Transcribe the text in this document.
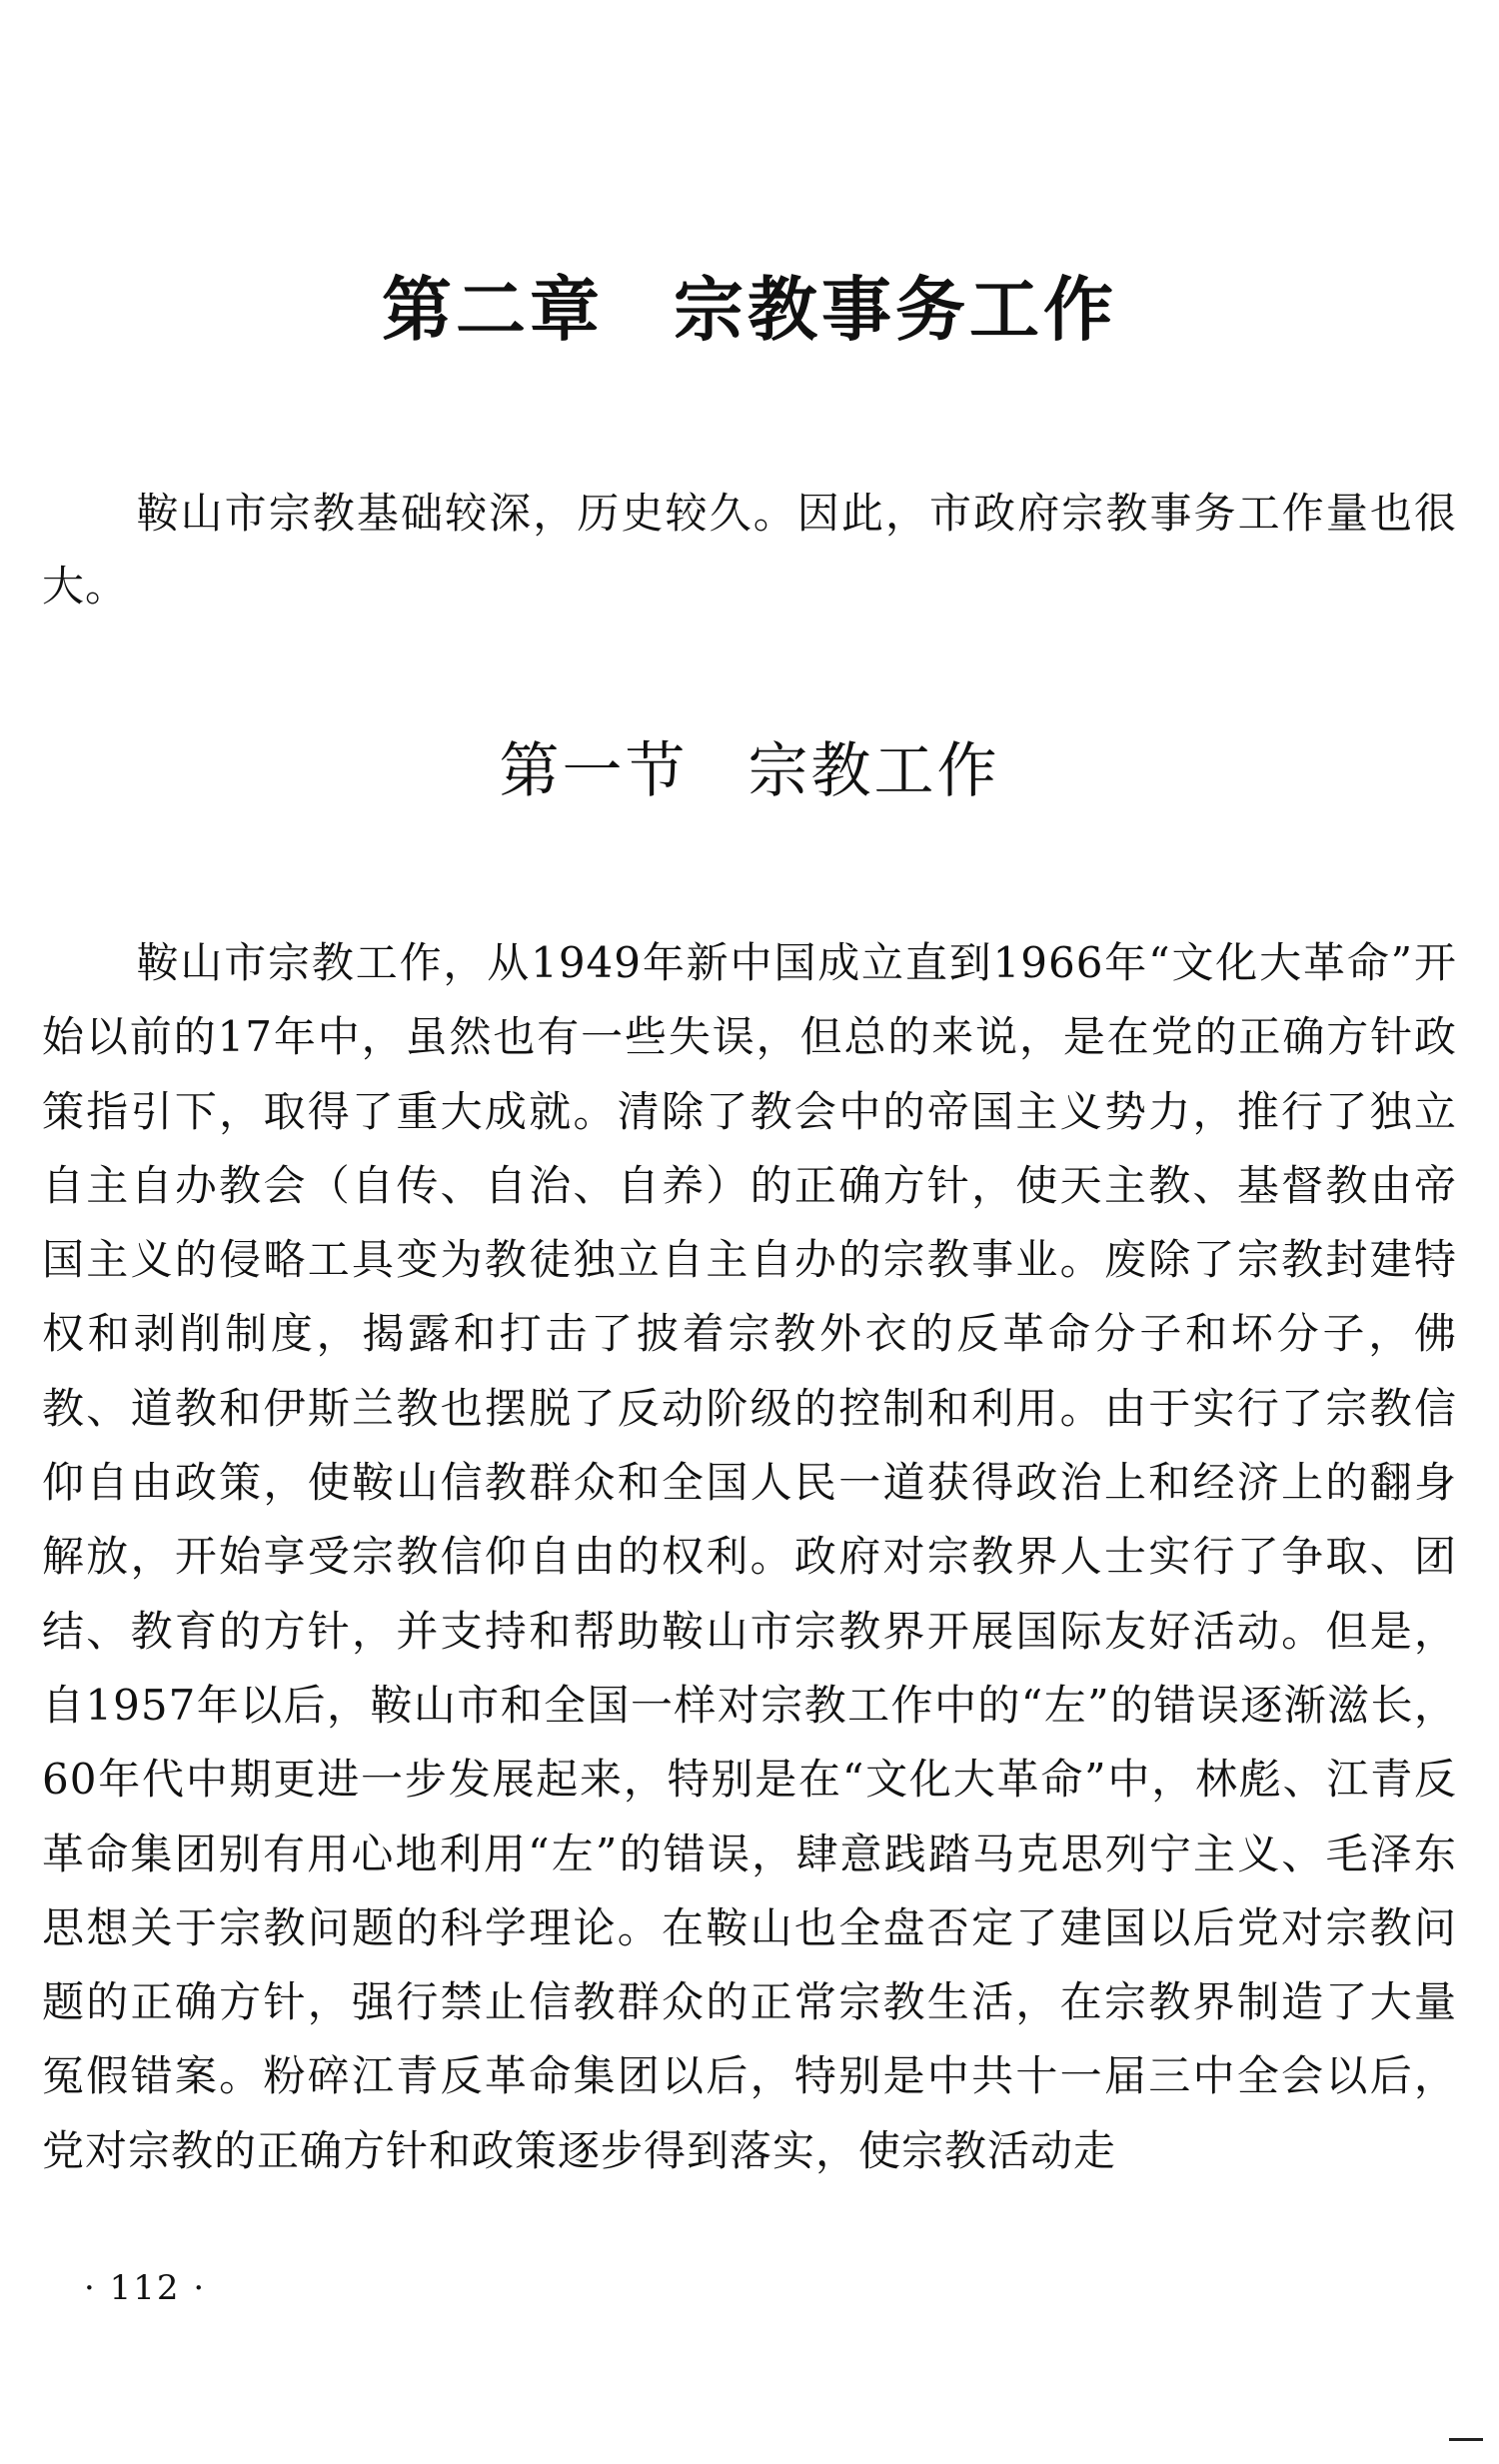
第二章 宗教事务工作

鞍山市宗教基础较深，历史较久。因此，市政府宗教事务工作量也很大。

第一节 宗教工作

鞍山市宗教工作，从1949年新中国成立直到1966年“文化大革命”开始以前的17年中，虽然也有一些失误，但总的来说，是在党的正确方针政策指引下，取得了重大成就。清除了教会中的帝国主义势力，推行了独立自主自办教会（自传、自治、自养）的正确方针，使天主教、基督教由帝国主义的侵略工具变为教徒独立自主自办的宗教事业。废除了宗教封建特权和剥削制度，揭露和打击了披着宗教外衣的反革命分子和坏分子，佛教、道教和伊斯兰教也摆脱了反动阶级的控制和利用。由于实行了宗教信仰自由政策，使鞍山信教群众和全国人民一道获得政治上和经济上的翻身解放，开始享受宗教信仰自由的权利。政府对宗教界人士实行了争取、团结、教育的方针，并支持和帮助鞍山市宗教界开展国际友好活动。但是，自1957年以后，鞍山市和全国一样对宗教工作中的“左”的错误逐渐滋长，60年代中期更进一步发展起来，特别是在“文化大革命”中，林彪、江青反革命集团别有用心地利用“左”的错误，肆意践踏马克思列宁主义、毛泽东思想关于宗教问题的科学理论。在鞍山也全盘否定了建国以后党对宗教问题的正确方针，强行禁止信教群众的正常宗教生活，在宗教界制造了大量冤假错案。粉碎江青反革命集团以后，特别是中共十一届三中全会以后，党对宗教的正确方针和政策逐步得到落实，使宗教活动走

· 112 ·
